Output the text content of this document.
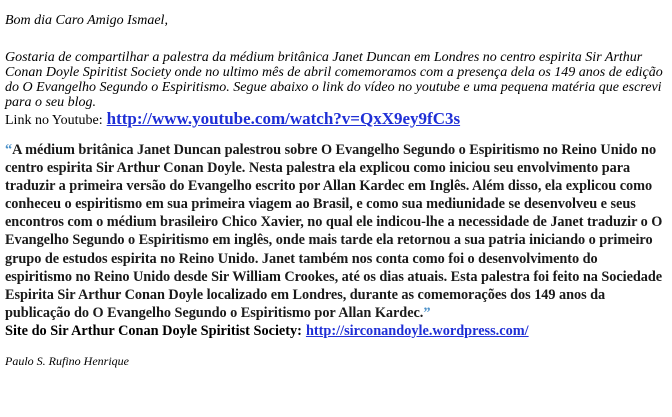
Bom dia Caro Amigo Ismael,

Gostaria de compartilhar a palestra da médium britânica Janet Duncan em Londres no centro espirita Sir Arthur Conan Doyle Spiritist Society onde no ultimo mês de abril comemoramos com a presença dela os 149 anos de edição do O Evangelho Segundo o Espiritismo. Segue abaixo o link do vídeo no youtube e uma pequena matéria que escrevi para o seu blog.

Link no Youtube: http://www.youtube.com/watch?v=QxX9ey9fC3s

“A médium britânica Janet Duncan palestrou sobre O Evangelho Segundo o Espiritismo no Reino Unido no centro espirita Sir Arthur Conan Doyle. Nesta palestra ela explicou como iniciou seu envolvimento para traduzir a primeira versão do Evangelho escrito por Allan Kardec em Inglês. Além disso, ela explicou como conheceu o espiritismo em sua primeira viagem ao Brasil, e como sua mediunidade se desenvolveu e seus encontros com o médium brasileiro Chico Xavier, no qual ele indicou-lhe a necessidade de Janet traduzir o O Evangelho Segundo o Espiritismo em inglês, onde mais tarde ela retornou a sua patria iniciando o primeiro grupo de estudos espirita no Reino Unido. Janet também nos conta como foi o desenvolvimento do espiritismo no Reino Unido desde Sir William Crookes, até os dias atuais. Esta palestra foi feito na Sociedade Espirita Sir Arthur Conan Doyle localizado em Londres, durante as comemorações dos 149 anos da publicação do O Evangelho Segundo o Espiritismo por Allan Kardec.”

Site do Sir Arthur Conan Doyle Spiritist Society: http://sirconandoyle.wordpress.com/

Paulo S. Rufino Henrique
